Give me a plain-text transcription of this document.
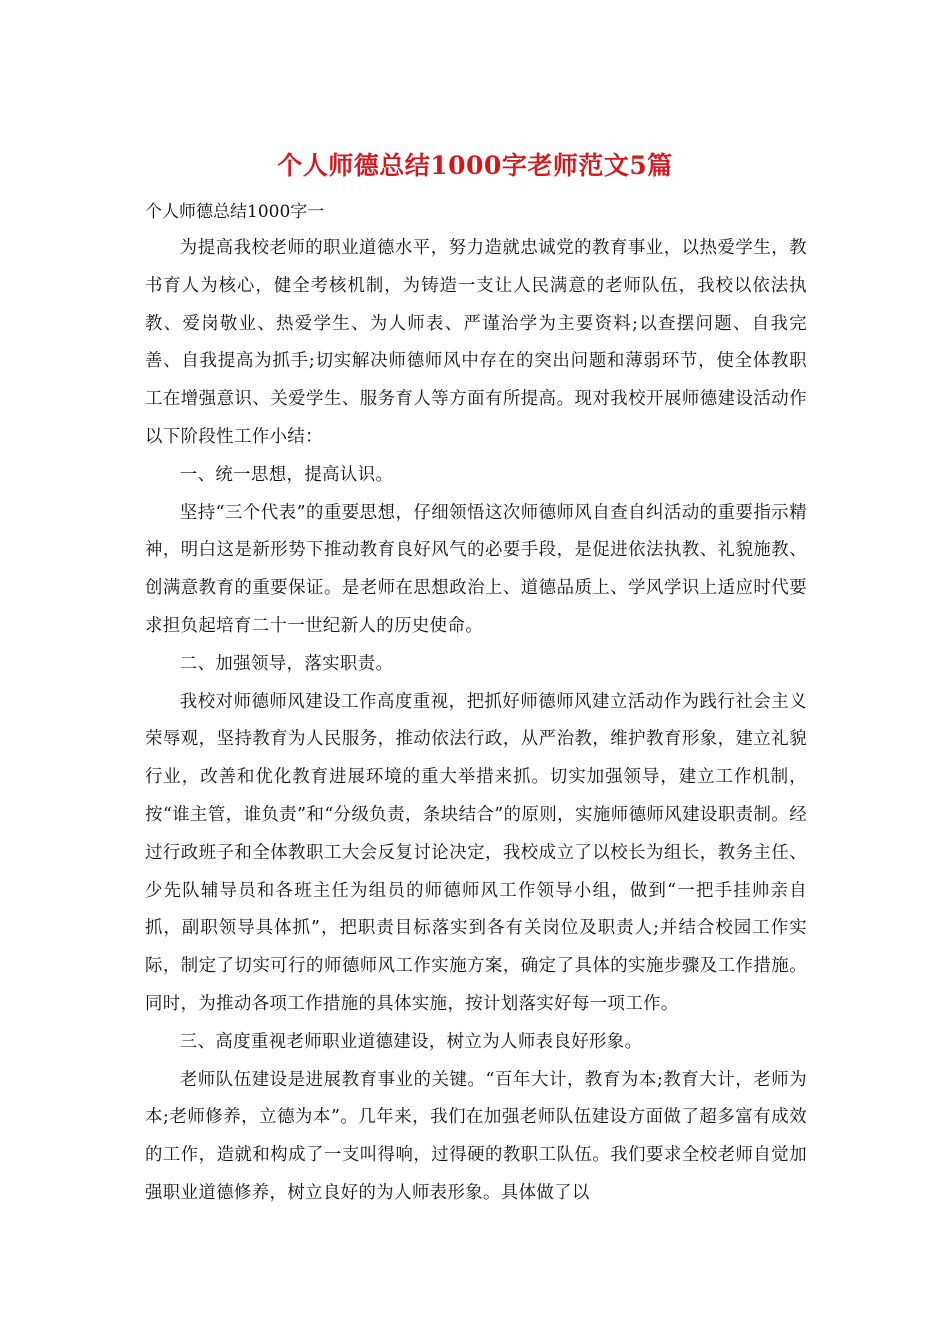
个人师德总结1000字老师范文5篇
个人师德总结1000字一

为提高我校老师的职业道德水平，努力造就忠诚党的教育事业，以热爱学生，教书育人为核心，健全考核机制，为铸造一支让人民满意的老师队伍，我校以依法执教、爱岗敬业、热爱学生、为人师表、严谨治学为主要资料;以查摆问题、自我完善、自我提高为抓手;切实解决师德师风中存在的突出问题和薄弱环节，使全体教职工在增强意识、关爱学生、服务育人等方面有所提高。现对我校开展师德建设活动作以下阶段性工作小结：

一、统一思想，提高认识。

坚持“三个代表”的重要思想，仔细领悟这次师德师风自查自纠活动的重要指示精神，明白这是新形势下推动教育良好风气的必要手段，是促进依法执教、礼貌施教、创满意教育的重要保证。是老师在思想政治上、道德品质上、学风学识上适应时代要求担负起培育二十一世纪新人的历史使命。

二、加强领导，落实职责。

我校对师德师风建设工作高度重视，把抓好师德师风建立活动作为践行社会主义荣辱观，坚持教育为人民服务，推动依法行政，从严治教，维护教育形象，建立礼貌行业，改善和优化教育进展环境的重大举措来抓。切实加强领导，建立工作机制，按“谁主管，谁负责”和“分级负责，条块结合”的原则，实施师德师风建设职责制。经过行政班子和全体教职工大会反复讨论决定，我校成立了以校长为组长，教务主任、少先队辅导员和各班主任为组员的师德师风工作领导小组，做到“一把手挂帅亲自抓，副职领导具体抓”，把职责目标落实到各有关岗位及职责人;并结合校园工作实际，制定了切实可行的师德师风工作实施方案，确定了具体的实施步骤及工作措施。同时，为推动各项工作措施的具体实施，按计划落实好每一项工作。

三、高度重视老师职业道德建设，树立为人师表良好形象。

老师队伍建设是进展教育事业的关键。“百年大计，教育为本;教育大计，老师为本;老师修养，立德为本”。几年来，我们在加强老师队伍建设方面做了超多富有成效的工作，造就和构成了一支叫得响，过得硬的教职工队伍。我们要求全校老师自觉加强职业道德修养，树立良好的为人师表形象。具体做了以
